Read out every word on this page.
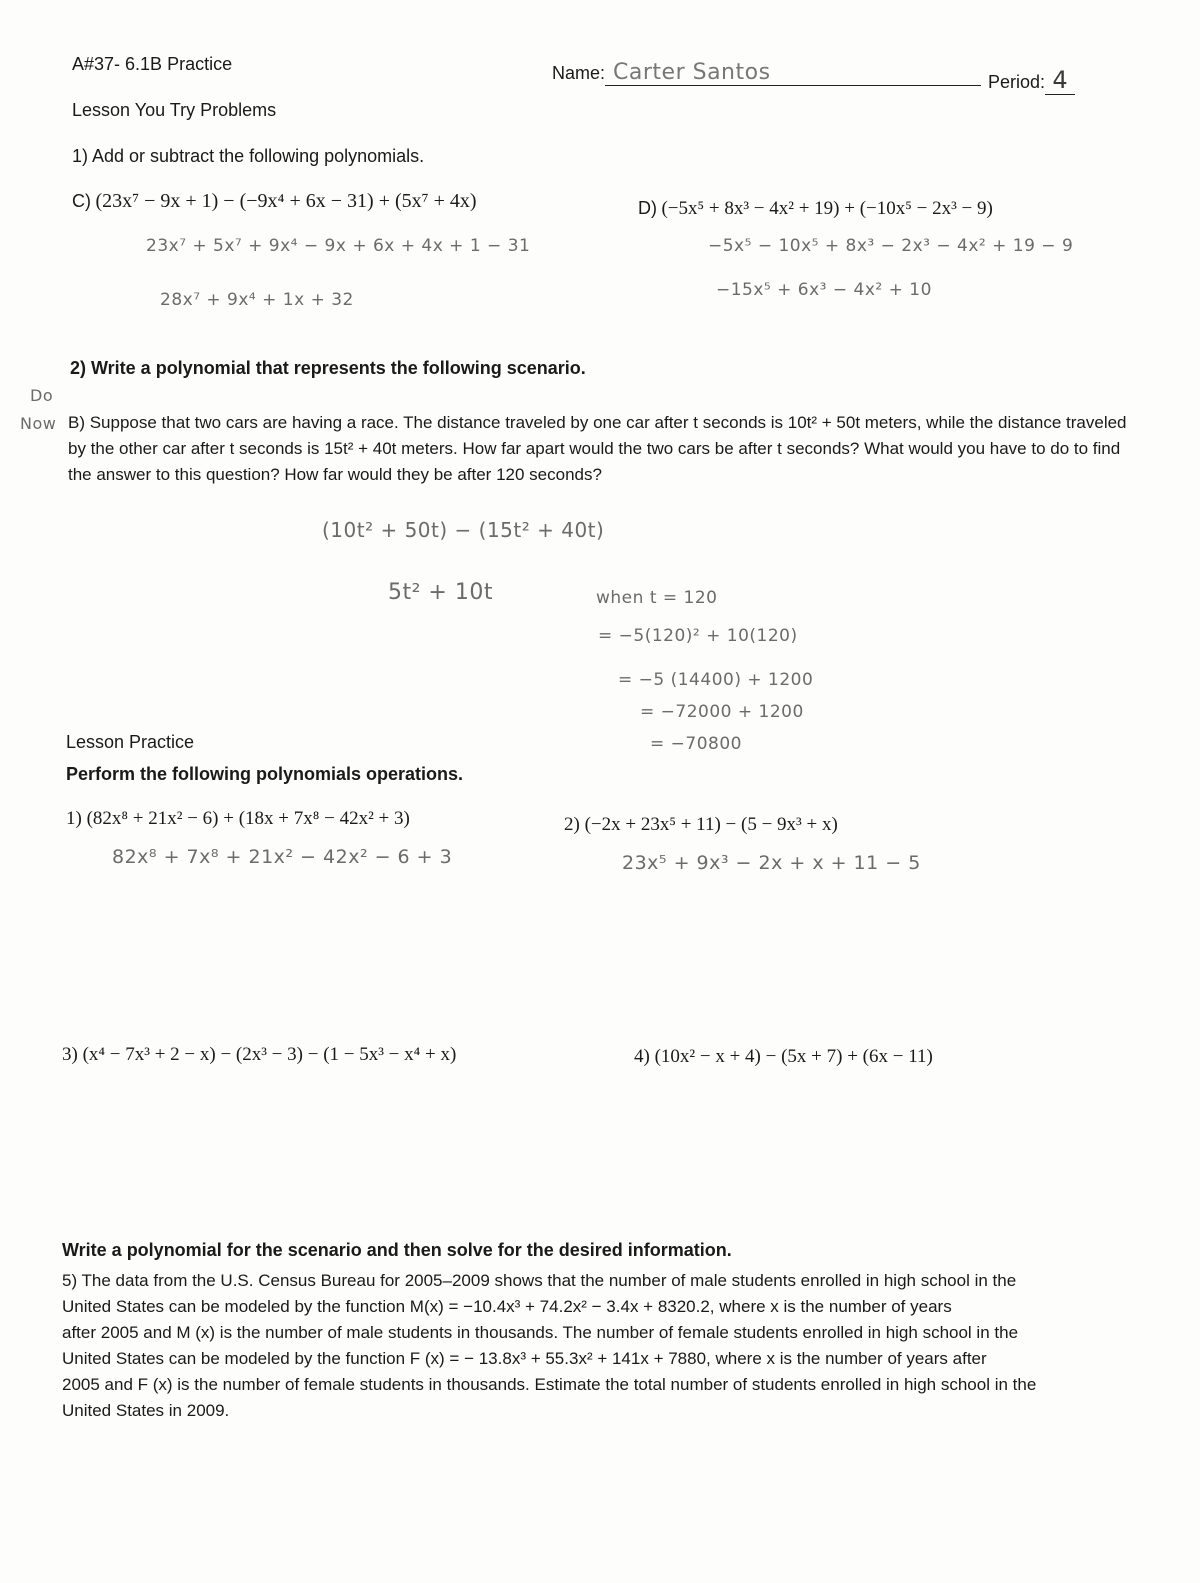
A#37- 6.1B Practice	Name: Carter Santos	Period: 4
Lesson You Try Problems
1) Add or subtract the following polynomials.
C) (23x⁷ − 9x + 1) − (−9x⁴ + 6x − 31) + (5x⁷ + 4x)
23x⁷ + 5x⁷ + 9x⁴ − 9x + 6x + 4x + 1 − 31
28x⁷ + 9x⁴ + 1x + 32
D) (−5x⁵ + 8x³ − 4x² + 19) + (−10x⁵ − 2x³ − 9)
−5x⁵ − 10x⁵ + 8x³ − 2x³ − 4x² + 19 − 9
−15x⁵ + 6x³ − 4x² + 10
2) Write a polynomial that represents the following scenario.
Do
Now B) Suppose that two cars are having a race. The distance traveled by one car after t seconds is 10t² + 50t meters, while the distance traveled by the other car after t seconds is 15t² + 40t meters. How far apart would the two cars be after t seconds? What would you have to do to find the answer to this question? How far would they be after 120 seconds?
(10t² + 50t) − (15t² + 40t)
5t² + 10t	when t = 120
= −5(120)² + 10(120)
= −5 (14400) + 1200
= −72000 + 1200
= −70800
Lesson Practice
Perform the following polynomials operations.
1) (82x⁸ + 21x² − 6) + (18x + 7x⁸ − 42x² + 3)
82x⁸ + 7x⁸ + 21x² − 42x² − 6 + 3
2) (−2x + 23x⁵ + 11) − (5 − 9x³ + x)
23x⁵ + 9x³ − 2x + x + 11 − 5
3) (x⁴ − 7x³ + 2 − x) − (2x³ − 3) − (1 − 5x³ − x⁴ + x)	4) (10x² − x + 4) − (5x + 7) + (6x − 11)
Write a polynomial for the scenario and then solve for the desired information.
5) The data from the U.S. Census Bureau for 2005–2009 shows that the number of male students enrolled in high school in the
United States can be modeled by the function M(x) = −10.4x³ + 74.2x² − 3.4x + 8320.2, where x is the number of years
after 2005 and M (x) is the number of male students in thousands. The number of female students enrolled in high school in the
United States can be modeled by the function F (x) = − 13.8x³ + 55.3x² + 141x + 7880, where x is the number of years after
2005 and F (x) is the number of female students in thousands. Estimate the total number of students enrolled in high school in the
United States in 2009.
